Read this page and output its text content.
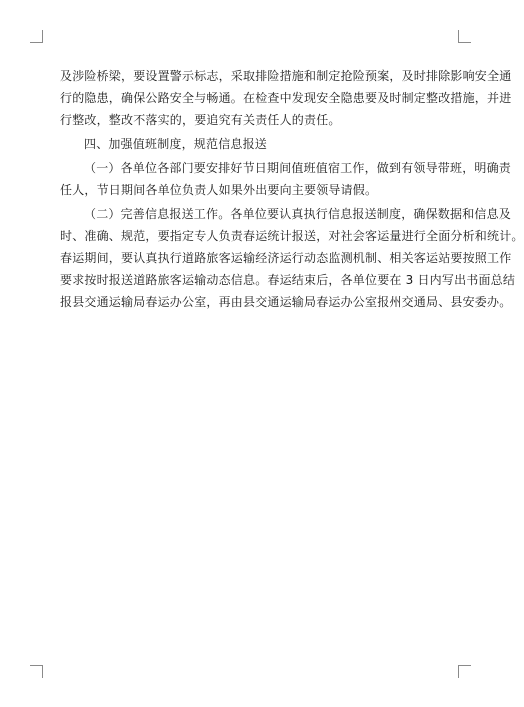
及涉险桥梁，要设置警示标志，采取排险措施和制定抢险预案，及时排除影响安全通
行的隐患，确保公路安全与畅通。在检查中发现安全隐患要及时制定整改措施，并进
行整改，整改不落实的，要追究有关责任人的责任。
四、加强值班制度，规范信息报送
（一）各单位各部门要安排好节日期间值班值宿工作，做到有领导带班，明确责
任人，节日期间各单位负责人如果外出要向主要领导请假。
（二）完善信息报送工作。各单位要认真执行信息报送制度，确保数据和信息及
时、准确、规范，要指定专人负责春运统计报送，对社会客运量进行全面分析和统计。
春运期间，要认真执行道路旅客运输经济运行动态监测机制、相关客运站要按照工作
要求按时报送道路旅客运输动态信息。春运结束后，各单位要在 3 日内写出书面总结
报县交通运输局春运办公室，再由县交通运输局春运办公室报州交通局、县安委办。
